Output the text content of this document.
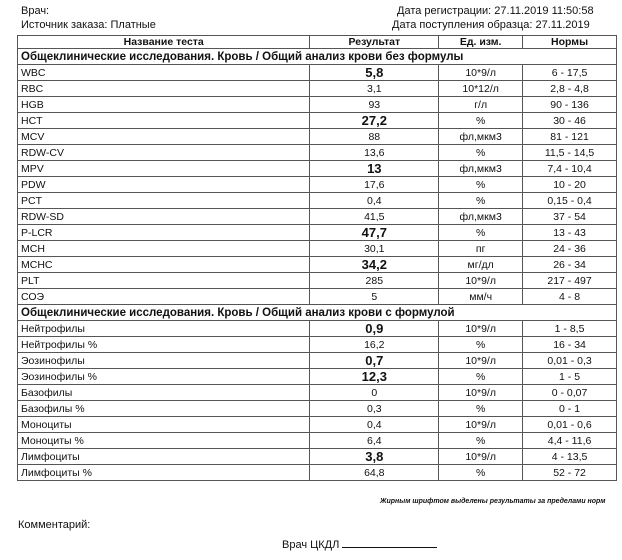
Врач:
Источник заказа: Платные
Дата регистрации: 27.11.2019 11:50:58
Дата поступления образца: 27.11.2019
Название теста	Результат	Ед. изм.	Нормы
Общеклинические исследования. Кровь / Общий анализ крови без формулы			
WBC	5,8	10*9/л	6 - 17,5
RBC	3,1	10*12/л	2,8 - 4,8
HGB	93	г/л	90 - 136
HCT	27,2	%	30 - 46
MCV	88	фл,мкм3	81 - 121
RDW-CV	13,6	%	11,5 - 14,5
MPV	13	фл,мкм3	7,4 - 10,4
PDW	17,6	%	10 - 20
PCT	0,4	%	0,15 - 0,4
RDW-SD	41,5	фл,мкм3	37 - 54
P-LCR	47,7	%	13 - 43
MCH	30,1	пг	24 - 36
MCHC	34,2	мг/дл	26 - 34
PLT	285	10*9/л	217 - 497
СОЭ	5	мм/ч	4 - 8
Общеклинические исследования. Кровь / Общий анализ крови с формулой			
Нейтрофилы	0,9	10*9/л	1 - 8,5
Нейтрофилы %	16,2	%	16 - 34
Эозинофилы	0,7	10*9/л	0,01 - 0,3
Эозинофилы %	12,3	%	1 - 5
Базофилы	0	10*9/л	0 - 0,07
Базофилы %	0,3	%	0 - 1
Моноциты	0,4	10*9/л	0,01 - 0,6
Моноциты %	6,4	%	4,4 - 11,6
Лимфоциты	3,8	10*9/л	4 - 13,5
Лимфоциты %	64,8	%	52 - 72
Жирным шрифтом выделены результаты за пределами норм
Комментарий:
Врач ЦКДЛ
